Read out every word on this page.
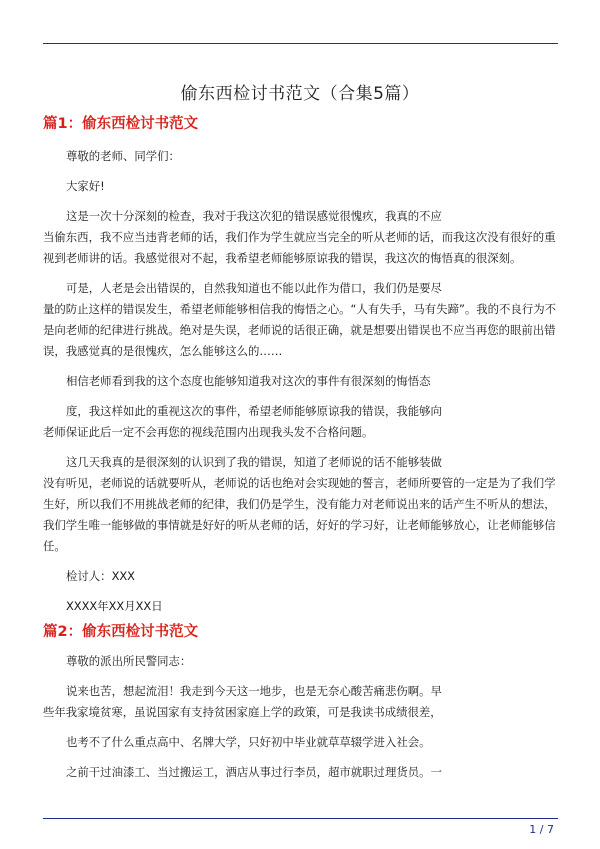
偷东西检讨书范文（合集5篇）
篇1：偷东西检讨书范文

尊敬的老师、同学们：

大家好!

这是一次十分深刻的检查，我对于我这次犯的错误感觉很愧疚，我真的不应

当偷东西，我不应当违背老师的话，我们作为学生就应当完全的听从老师的话，而我这次没有很好的重视到老师讲的话。我感觉很对不起，我希望老师能够原谅我的错误，我这次的悔悟真的很深刻。

可是，人老是会出错误的，自然我知道也不能以此作为借口，我们仍是要尽

量的防止这样的错误发生，希望老师能够相信我的悔悟之心。“人有失手，马有失蹄”。我的不良行为不是向老师的纪律进行挑战。绝对是失误，老师说的话很正确，就是想要出错误也不应当再您的眼前出错误，我感觉真的是很愧疚，怎么能够这么的……

相信老师看到我的这个态度也能够知道我对这次的事件有很深刻的悔悟态

度，我这样如此的重视这次的事件，希望老师能够原谅我的错误，我能够向

老师保证此后一定不会再您的视线范围内出现我头发不合格问题。

这几天我真的是很深刻的认识到了我的错误，知道了老师说的话不能够装做

没有听见，老师说的话就要听从，老师说的话也绝对会实现她的誓言，老师所要管的一定是为了我们学生好，所以我们不用挑战老师的纪律，我们仍是学生，没有能力对老师说出来的话产生不听从的想法，我们学生唯一能够做的事情就是好好的听从老师的话，好好的学习好，让老师能够放心，让老师能够信任。

检讨人：XXX

XXXX年XX月XX日

篇2：偷东西检讨书范文

尊敬的派出所民警同志：

说来也苦，想起流泪！我走到今天这一地步，也是无奈心酸苦痛悲伤啊。早

些年我家境贫寒，虽说国家有支持贫困家庭上学的政策，可是我读书成绩很差，

也考不了什么重点高中、名牌大学，只好初中毕业就草草辍学进入社会。

之前干过油漆工、当过搬运工，酒店从事过行李员，超市就职过理货员。一

1 / 7
